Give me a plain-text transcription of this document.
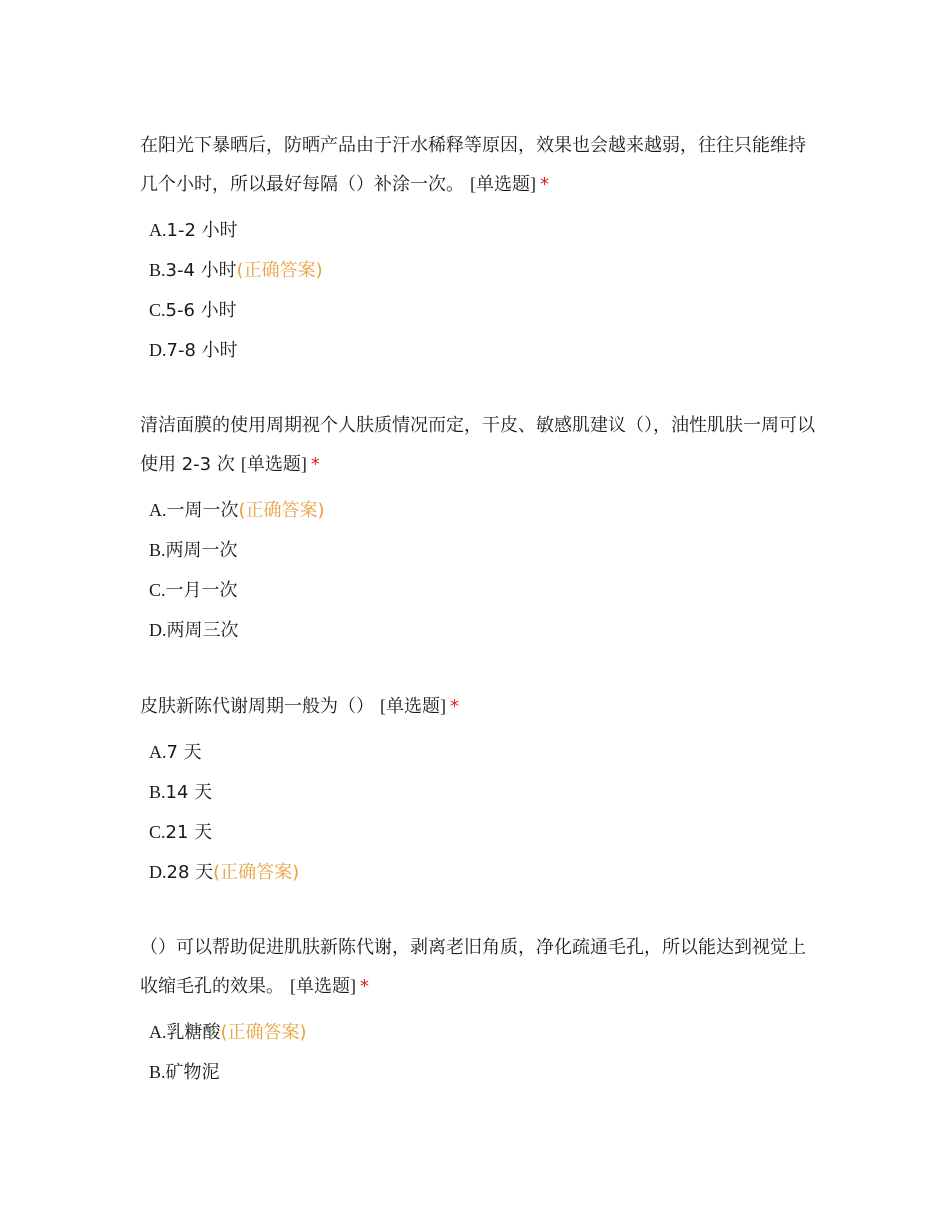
在阳光下暴晒后，防晒产品由于汗水稀释等原因，效果也会越来越弱，往往只能维持几个小时，所以最好每隔（）补涂一次。 [单选题] *

A.1-2 小时
B.3-4 小时(正确答案)
C.5-6 小时
D.7-8 小时

清洁面膜的使用周期视个人肤质情况而定，干皮、敏感肌建议（），油性肌肤一周可以使用 2-3 次 [单选题] *

A.一周一次(正确答案)
B.两周一次
C.一月一次
D.两周三次

皮肤新陈代谢周期一般为（） [单选题] *

A.7 天
B.14 天
C.21 天
D.28 天(正确答案)

（）可以帮助促进肌肤新陈代谢，剥离老旧角质，净化疏通毛孔，所以能达到视觉上收缩毛孔的效果。 [单选题] *

A.乳糖酸(正确答案)
B.矿物泥
